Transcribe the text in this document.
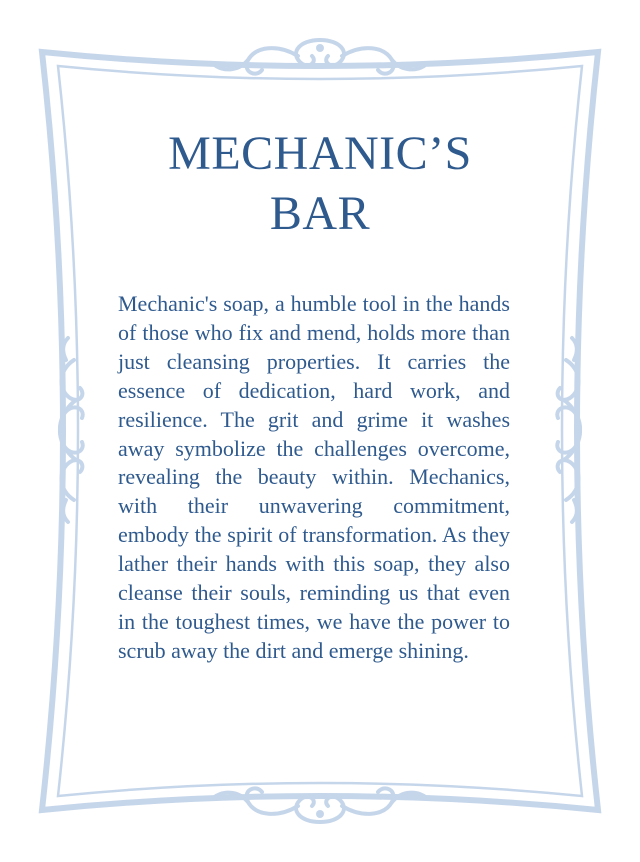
MECHANIC’S
BAR

Mechanic's soap, a humble tool in the hands of those who fix and mend, holds more than just cleansing properties. It carries the essence of dedication, hard work, and resilience. The grit and grime it washes away symbolize the challenges overcome, revealing the beauty within. Mechanics, with their unwavering commitment, embody the spirit of transformation. As they lather their hands with this soap, they also cleanse their souls, reminding us that even in the toughest times, we have the power to scrub away the dirt and emerge shining.
